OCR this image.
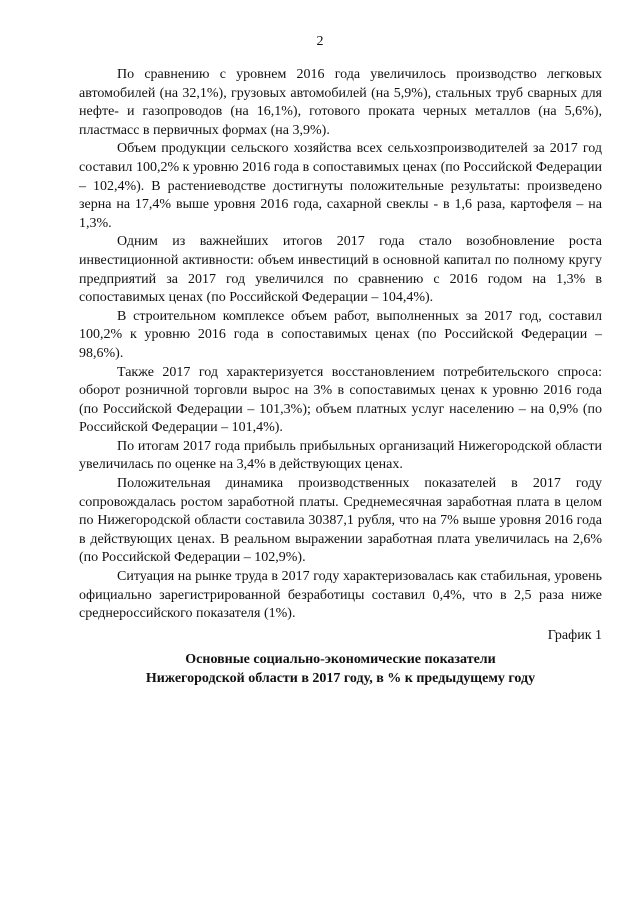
2

По сравнению с уровнем 2016 года увеличилось производство легковых автомобилей (на 32,1%), грузовых автомобилей (на 5,9%), стальных труб сварных для нефте- и газопроводов (на 16,1%), готового проката черных металлов (на 5,6%), пластмасс в первичных формах (на 3,9%).

Объем продукции сельского хозяйства всех сельхозпроизводителей за 2017 год составил 100,2% к уровню 2016 года в сопоставимых ценах (по Российской Федерации – 102,4%). В растениеводстве достигнуты положительные результаты: произведено зерна на 17,4% выше уровня 2016 года, сахарной свеклы - в 1,6 раза, картофеля – на 1,3%.

Одним из важнейших итогов 2017 года стало возобновление роста инвестиционной активности: объем инвестиций в основной капитал по полному кругу предприятий за 2017 год увеличился по сравнению с 2016 годом на 1,3% в сопоставимых ценах (по Российской Федерации – 104,4%).

В строительном комплексе объем работ, выполненных за 2017 год, составил 100,2% к уровню 2016 года в сопоставимых ценах (по Российской Федерации – 98,6%).

Также 2017 год характеризуется восстановлением потребительского спроса: оборот розничной торговли вырос на 3% в сопоставимых ценах к уровню 2016 года (по Российской Федерации – 101,3%); объем платных услуг населению – на 0,9% (по Российской Федерации – 101,4%).

По итогам 2017 года прибыль прибыльных организаций Нижегородской области увеличилась по оценке на 3,4% в действующих ценах.

Положительная динамика производственных показателей в 2017 году сопровождалась ростом заработной платы. Среднемесячная заработная плата в целом по Нижегородской области составила 30387,1 рубля, что на 7% выше уровня 2016 года в действующих ценах. В реальном выражении заработная плата увеличилась на 2,6% (по Российской Федерации – 102,9%).

Ситуация на рынке труда в 2017 году характеризовалась как стабильная, уровень официально зарегистрированной безработицы составил 0,4%, что в 2,5 раза ниже среднероссийского показателя (1%).

График 1

Основные социально-экономические показатели
Нижегородской области в 2017 году, в % к предыдущему году
